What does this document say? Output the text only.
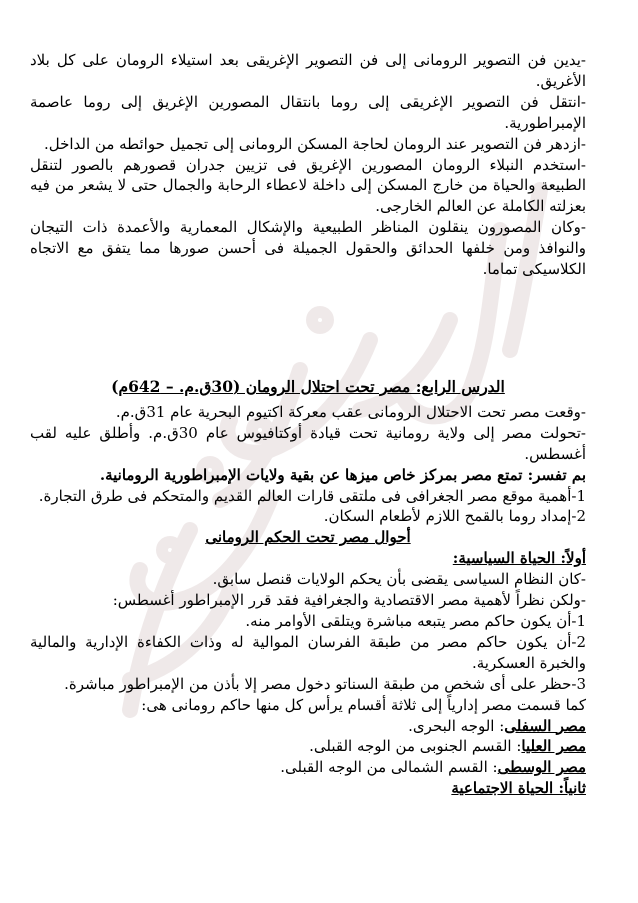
-يدين فن التصوير الرومانى إلى فن التصوير الإغريقى بعد استيلاء الرومان على كل بلاد الأغريق.

-انتقل فن التصوير الإغريقى إلى روما بانتقال المصورين الإغريق إلى روما عاصمة الإمبراطورية.

-ازدهر فن التصوير عند الرومان لحاجة المسكن الرومانى إلى تجميل حوائطه من الداخل.

-استخدم النبلاء الرومان المصورين الإغريق فى تزيين جدران قصورهم بالصور لتنقل الطبيعة والحياة من خارج المسكن إلى داخلة لاعطاء الرحابة والجمال حتى لا يشعر من فيه بعزلته الكاملة عن العالم الخارجى.

-وكان المصورون ينقلون المناظر الطبيعية والإشكال المعمارية والأعمدة ذات التيجان والنوافذ ومن خلفها الحدائق والحقول الجميلة فى أحسن صورها مما يتفق مع الاتجاه الكلاسيكى تماما.

الدرس الرابع: مصر تحت احتلال الرومان (30ق.م. – 642م)

-وقعت مصر تحت الاحتلال الرومانى عقب معركة اكتيوم البحرية عام 31ق.م.

-تحولت مصر إلى ولاية رومانية تحت قيادة أوكتافيوس عام 30ق.م. وأطلق عليه لقب أغسطس.

بم تفسر: تمتع مصر بمركز خاص ميزها عن بقية ولايات الإمبراطورية الرومانية.

1-أهمية موقع مصر الجغرافى فى ملتقى قارات العالم القديم والمتحكم فى طرق التجارة.

2-إمداد روما بالقمح اللازم لأطعام السكان.

أحوال مصر تحت الحكم الرومانى

أولاً: الحياة السياسية:

-كان النظام السياسى يقضى بأن يحكم الولايات قنصل سابق.

-ولكن نظراً لأهمية مصر الاقتصادية والجغرافية فقد قرر الإمبراطور أغسطس:

1-أن يكون حاكم مصر يتبعه مباشرة ويتلقى الأوامر منه.

2-أن يكون حاكم مصر من طبقة الفرسان الموالية له وذات الكفاءة الإدارية والمالية والخبرة العسكرية.

3-حظر على أى شخص من طبقة السناتو دخول مصر إلا بأذن من الإمبراطور مباشرة.

كما قسمت مصر إدارياً إلى ثلاثة أقسام يرأس كل منها حاكم رومانى هى:

مصر السفلى: الوجه البحرى.

مصر العليا: القسم الجنوبى من الوجه القبلى.

مصر الوسطى: القسم الشمالى من الوجه القبلى.

ثانياً: الحياة الاجتماعية
